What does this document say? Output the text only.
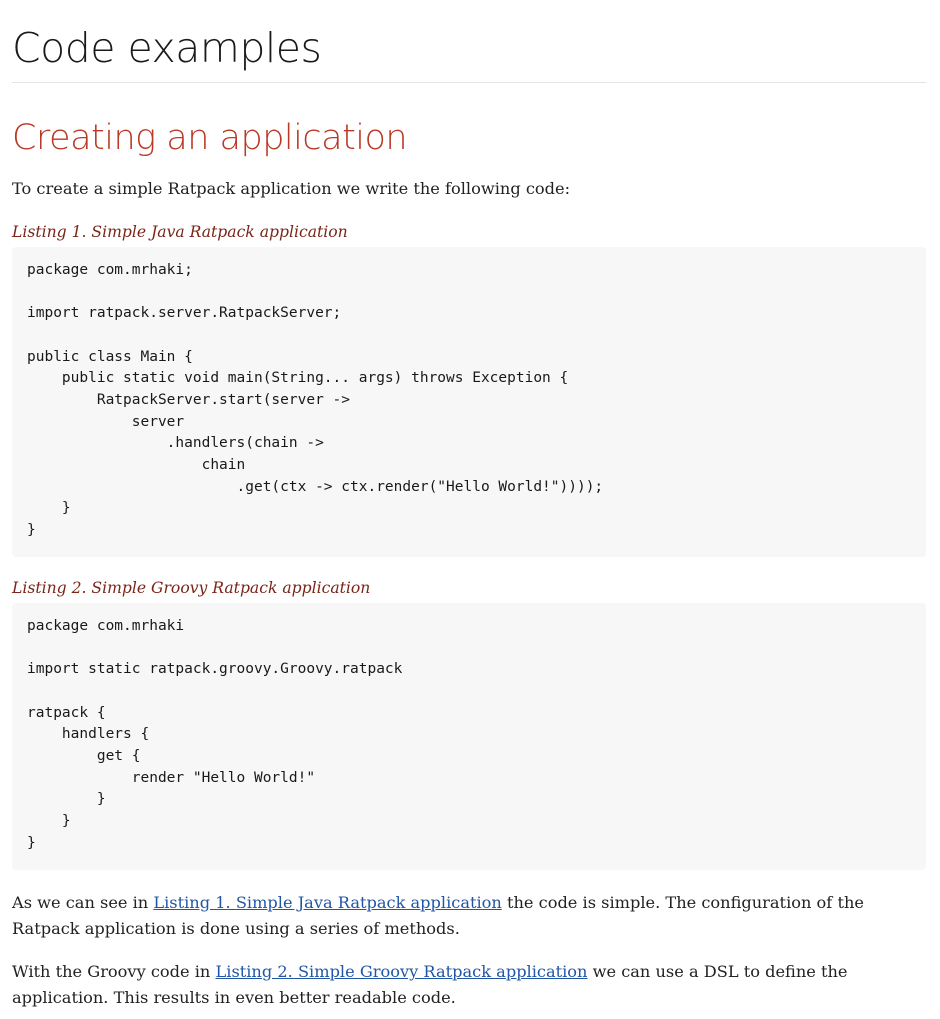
Code examples
Creating an application

To create a simple Ratpack application we write the following code:

Listing 1. Simple Java Ratpack application
package com.mrhaki;

import ratpack.server.RatpackServer;

public class Main {
public static void main(String... args) throws Exception {
RatpackServer.start(server ->
server
.handlers(chain ->
chain
.get(ctx -> ctx.render("Hello World!"))));
}
}
Listing 2. Simple Groovy Ratpack application
package com.mrhaki

import static ratpack.groovy.Groovy.ratpack

ratpack {
handlers {
get {
render "Hello World!"
}
}
}

As we can see in Listing 1. Simple Java Ratpack application the code is simple. The configuration of the Ratpack application is done using a series of methods.

With the Groovy code in Listing 2. Simple Groovy Ratpack application we can use a DSL to define the application. This results in even better readable code.
